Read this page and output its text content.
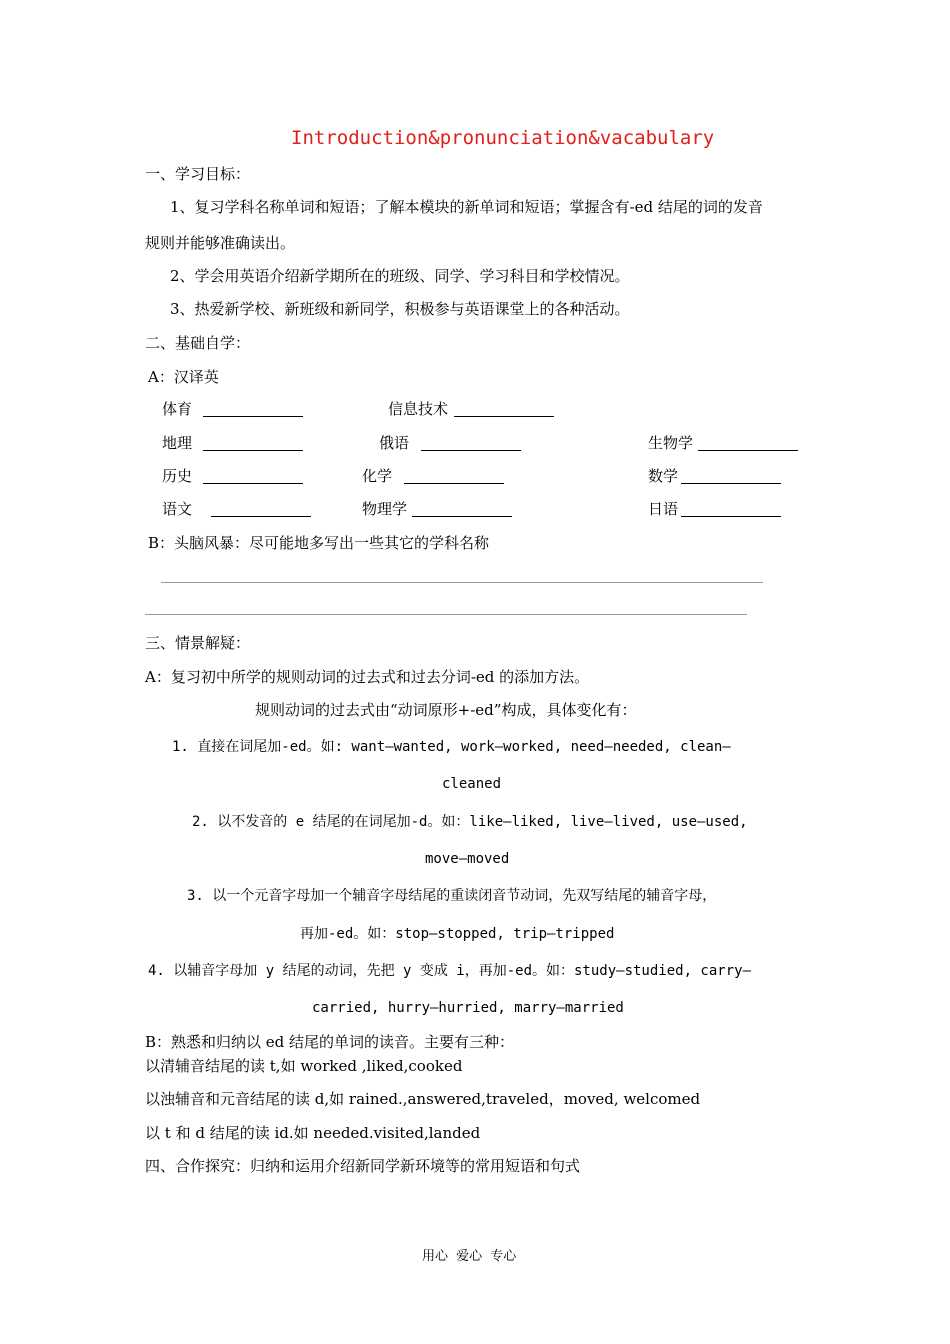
Introduction&pronunciation&vacabulary
一、学习目标：
1、复习学科名称单词和短语；了解本模块的新单词和短语；掌握含有-ed 结尾的词的发音
规则并能够准确读出。
2、学会用英语介绍新学期所在的班级、同学、学习科目和学校情况。
3、热爱新学校、新班级和新同学，积极参与英语课堂上的各种活动。
二、基础自学：
A：汉译英
体育	信息技术
地理	俄语	生物学
历史	化学	数学
语文	物理学	日语
B：头脑风暴：尽可能地多写出一些其它的学科名称
三、情景解疑：
A：复习初中所学的规则动词的过去式和过去分词-ed 的添加方法。
规则动词的过去式由“动词原形+-ed”构成，具体变化有：
1. 直接在词尾加-ed。如: want—wanted, work—worked, need—needed, clean—
cleaned
2. 以不发音的 e 结尾的在词尾加-d。如：like—liked, live—lived, use—used,
move—moved
3. 以一个元音字母加一个辅音字母结尾的重读闭音节动词，先双写结尾的辅音字母，
再加-ed。如：stop—stopped, trip—tripped
4. 以辅音字母加 y 结尾的动词，先把 y 变成 i，再加-ed。如：study—studied, carry—
carried, hurry—hurried, marry—married
B：熟悉和归纳以 ed 结尾的单词的读音。主要有三种：
以清辅音结尾的读 t,如 worked ,liked,cooked
以浊辅音和元音结尾的读 d,如 rained.,answered,traveled，moved, welcomed
以 t 和 d 结尾的读 id.如 needed.visited,landed
四、合作探究：归纳和运用介绍新同学新环境等的常用短语和句式
用心 爱心 专心
